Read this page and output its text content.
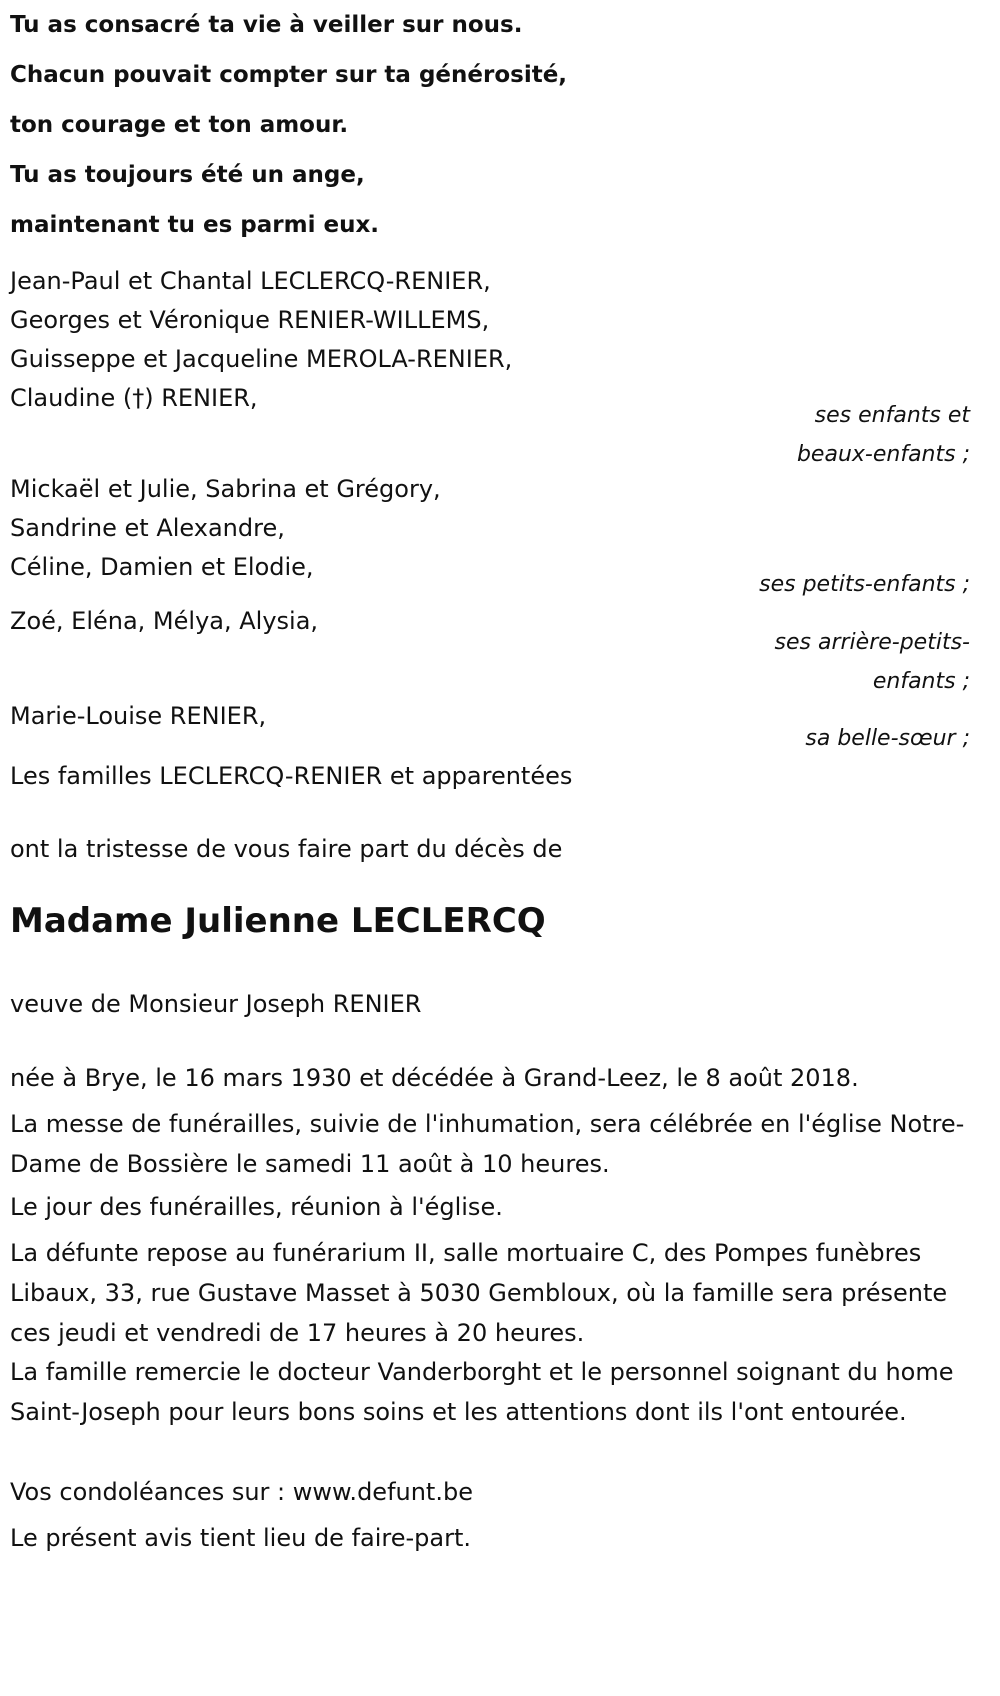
Tu as consacré ta vie à veiller sur nous.
Chacun pouvait compter sur ta générosité,
ton courage et ton amour.
Tu as toujours été un ange,
maintenant tu es parmi eux.
Jean-Paul et Chantal LECLERCQ-RENIER,
Georges et Véronique RENIER-WILLEMS,
Guisseppe et Jacqueline MEROLA-RENIER,
Claudine (†) RENIER,
ses enfants et
beaux-enfants ;
Mickaël et Julie, Sabrina et Grégory,
Sandrine et Alexandre,
Céline, Damien et Elodie,
ses petits-enfants ;
Zoé, Eléna, Mélya, Alysia,
ses arrière-petits-
enfants ;
Marie-Louise RENIER,
sa belle-sœur ;
Les familles LECLERCQ-RENIER et apparentées
ont la tristesse de vous faire part du décès de
Madame Julienne LECLERCQ
veuve de Monsieur Joseph RENIER
née à Brye, le 16 mars 1930 et décédée à Grand-Leez, le 8 août 2018.
La messe de funérailles, suivie de l'inhumation, sera célébrée en l'église Notre-Dame de Bossière le samedi 11 août à 10 heures.
Le jour des funérailles, réunion à l'église.
La défunte repose au funérarium II, salle mortuaire C, des Pompes funèbres Libaux, 33, rue Gustave Masset à 5030 Gembloux, où la famille sera présente ces jeudi et vendredi de 17 heures à 20 heures.
La famille remercie le docteur Vanderborght et le personnel soignant du home Saint-Joseph pour leurs bons soins et les attentions dont ils l'ont entourée.
Vos condoléances sur : www.defunt.be
Le présent avis tient lieu de faire-part.
